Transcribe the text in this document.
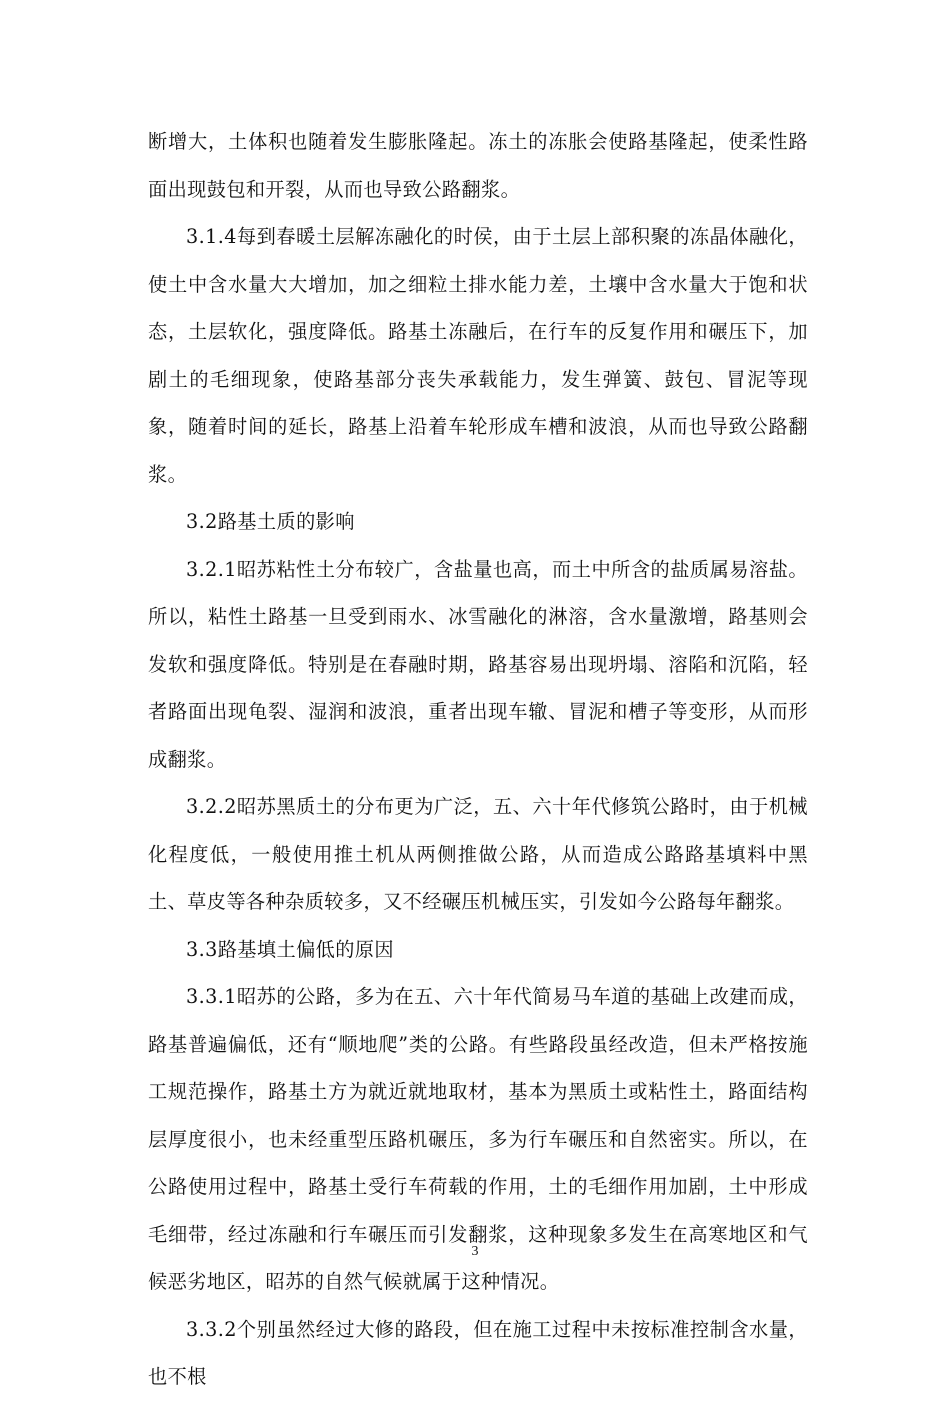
断增大，土体积也随着发生膨胀隆起。冻土的冻胀会使路基隆起，使柔性路面出现鼓包和开裂，从而也导致公路翻浆。

3.1.4每到春暖土层解冻融化的时侯，由于土层上部积聚的冻晶体融化，使土中含水量大大增加，加之细粒土排水能力差，土壤中含水量大于饱和状态，土层软化，强度降低。路基土冻融后，在行车的反复作用和碾压下，加剧土的毛细现象，使路基部分丧失承载能力，发生弹簧、鼓包、冒泥等现象，随着时间的延长，路基上沿着车轮形成车槽和波浪，从而也导致公路翻浆。

3.2路基土质的影响

3.2.1昭苏粘性土分布较广，含盐量也高，而土中所含的盐质属易溶盐。所以，粘性土路基一旦受到雨水、冰雪融化的淋溶，含水量激增，路基则会发软和强度降低。特别是在春融时期，路基容易出现坍塌、溶陷和沉陷，轻者路面出现龟裂、湿润和波浪，重者出现车辙、冒泥和槽子等变形，从而形成翻浆。

3.2.2昭苏黑质土的分布更为广泛，五、六十年代修筑公路时，由于机械化程度低，一般使用推土机从两侧推做公路，从而造成公路路基填料中黑土、草皮等各种杂质较多，又不经碾压机械压实，引发如今公路每年翻浆。

3.3路基填土偏低的原因

3.3.1昭苏的公路，多为在五、六十年代简易马车道的基础上改建而成，路基普遍偏低，还有“顺地爬”类的公路。有些路段虽经改造，但未严格按施工规范操作，路基土方为就近就地取材，基本为黑质土或粘性土，路面结构层厚度很小，也未经重型压路机碾压，多为行车碾压和自然密实。所以，在公路使用过程中，路基土受行车荷载的作用，土的毛细作用加剧，土中形成毛细带，经过冻融和行车碾压而引发翻浆，这种现象多发生在高寒地区和气候恶劣地区，昭苏的自然气候就属于这种情况。

3.3.2个别虽然经过大修的路段，但在施工过程中未按标准控制含水量，也不根

3
